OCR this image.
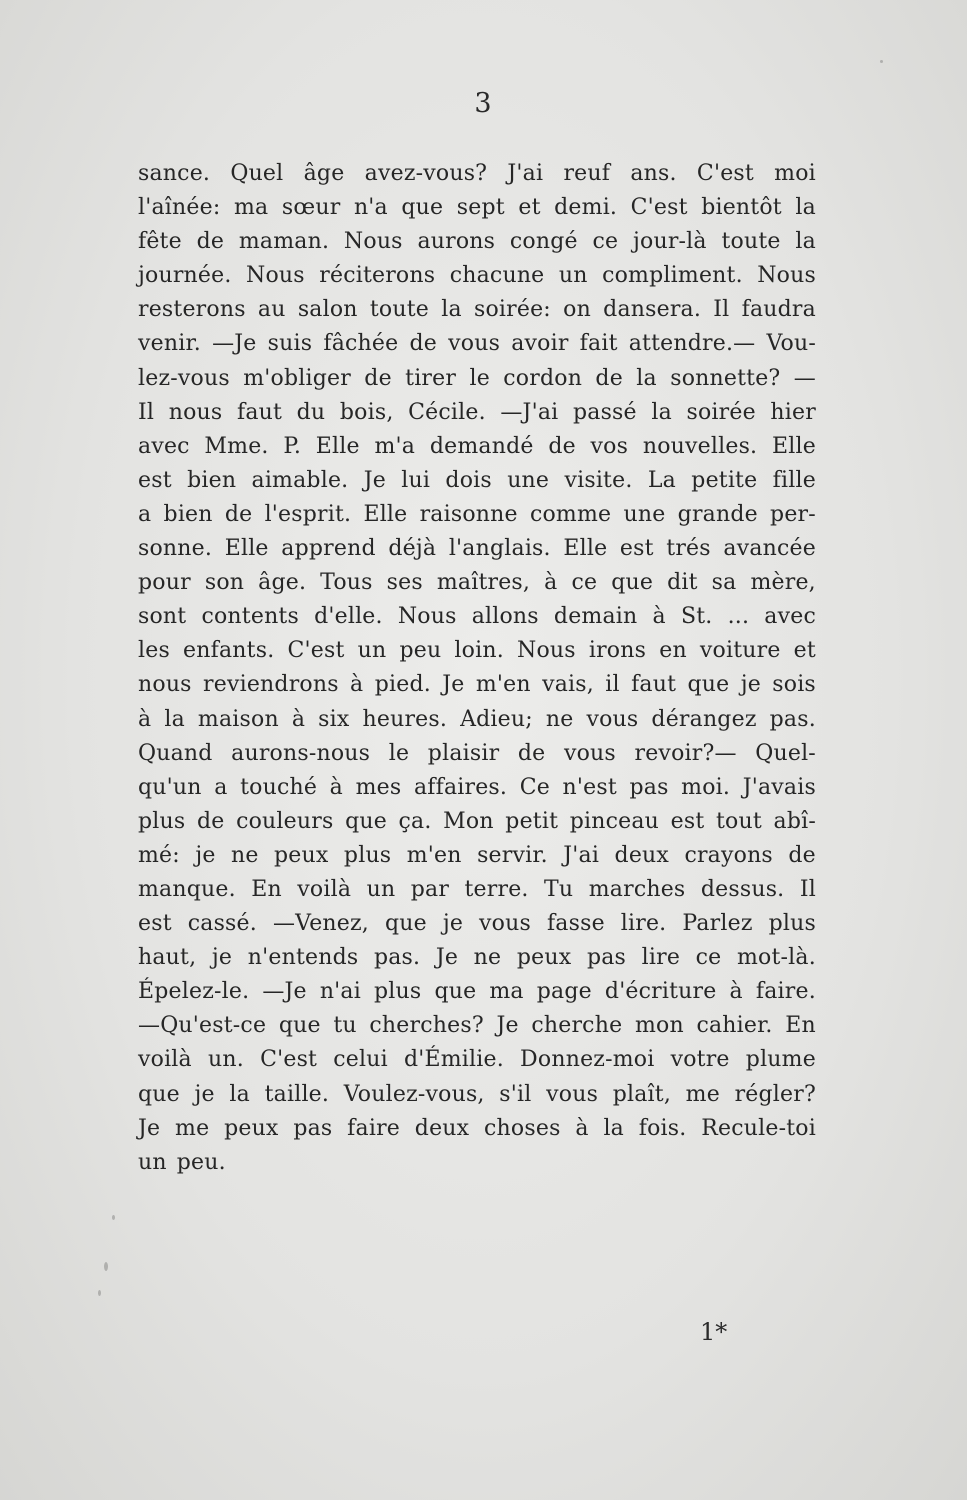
3
sance. Quel âge avez-vous? J'ai reuf ans. C'est moi
l'aînée: ma sœur n'a que sept et demi. C'est bientôt la
fête de maman. Nous aurons congé ce jour-là toute la
journée. Nous réciterons chacune un compliment. Nous
resterons au salon toute la soirée: on dansera. Il faudra
venir. —Je suis fâchée de vous avoir fait attendre.— Vou-
lez-vous m'obliger de tirer le cordon de la sonnette? —
Il nous faut du bois, Cécile. —J'ai passé la soirée hier
avec Mme. P. Elle m'a demandé de vos nouvelles. Elle
est bien aimable. Je lui dois une visite. La petite fille
a bien de l'esprit. Elle raisonne comme une grande per-
sonne. Elle apprend déjà l'anglais. Elle est trés avancée
pour son âge. Tous ses maîtres, à ce que dit sa mère,
sont contents d'elle. Nous allons demain à St. ... avec
les enfants. C'est un peu loin. Nous irons en voiture et
nous reviendrons à pied. Je m'en vais, il faut que je sois
à la maison à six heures. Adieu; ne vous dérangez pas.
Quand aurons-nous le plaisir de vous revoir?— Quel-
qu'un a touché à mes affaires. Ce n'est pas moi. J'avais
plus de couleurs que ça. Mon petit pinceau est tout abî-
mé: je ne peux plus m'en servir. J'ai deux crayons de
manque. En voilà un par terre. Tu marches dessus. Il
est cassé. —Venez, que je vous fasse lire. Parlez plus
haut, je n'entends pas. Je ne peux pas lire ce mot-là.
Épelez-le. —Je n'ai plus que ma page d'écriture à faire.
—Qu'est-ce que tu cherches? Je cherche mon cahier. En
voilà un. C'est celui d'Émilie. Donnez-moi votre plume
que je la taille. Voulez-vous, s'il vous plaît, me régler?
Je me peux pas faire deux choses à la fois. Recule-toi
un peu.
1*
